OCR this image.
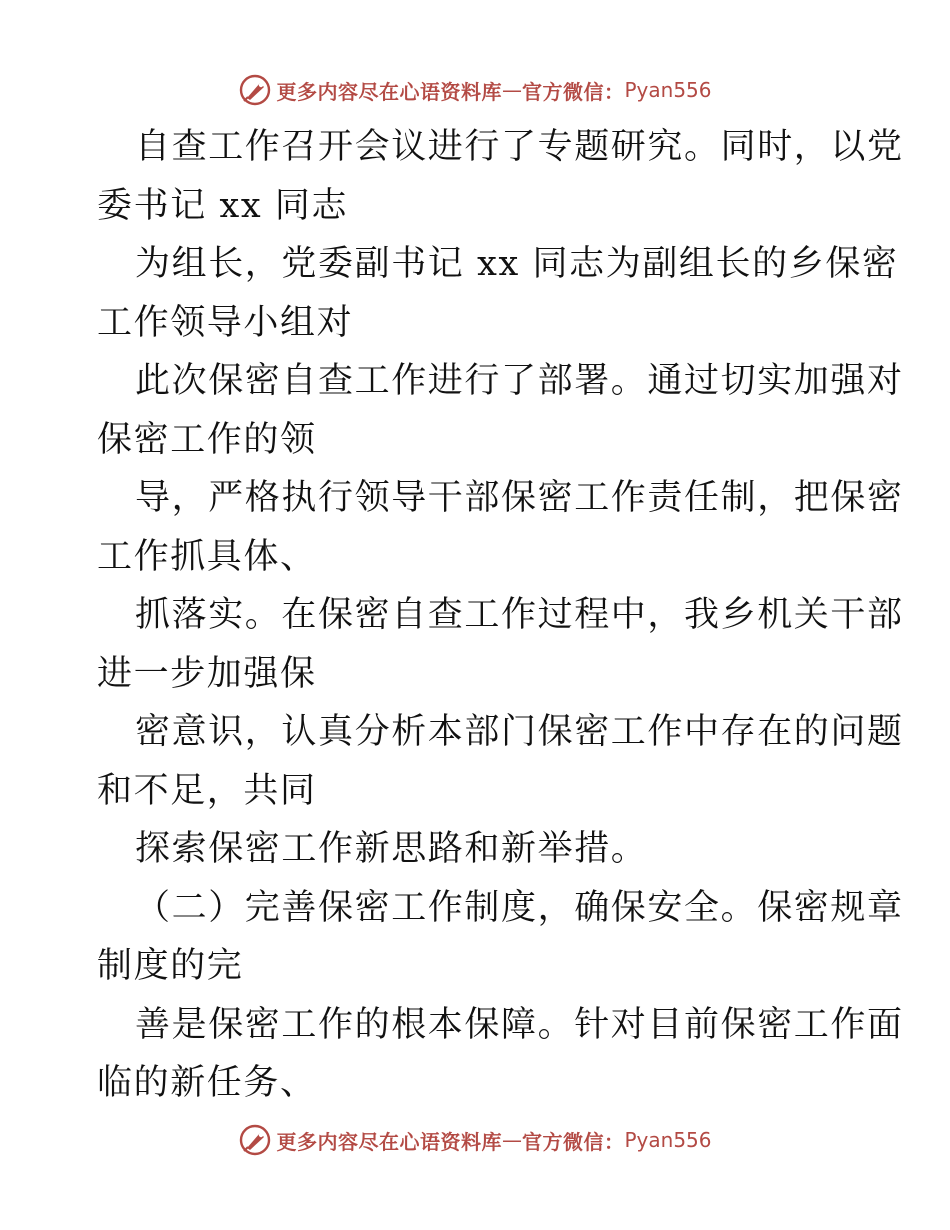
更多内容尽在心语资料库 — 官方微信： Pyan556
自查工作召开会议进行了专题研究。同时，以党
委书记 xx 同志
为组长，党委副书记 xx 同志为副组长的乡保密
工作领导小组对
此次保密自查工作进行了部署。通过切实加强对
保密工作的领
导，严格执行领导干部保密工作责任制，把保密
工作抓具体、
抓落实。在保密自查工作过程中，我乡机关干部
进一步加强保
密意识，认真分析本部门保密工作中存在的问题
和不足，共同
探索保密工作新思路和新举措。
（二）完善保密工作制度，确保安全。保密规章
制度的完
善是保密工作的根本保障。针对目前保密工作面
临的新任务、
更多内容尽在心语资料库 — 官方微信： Pyan556
